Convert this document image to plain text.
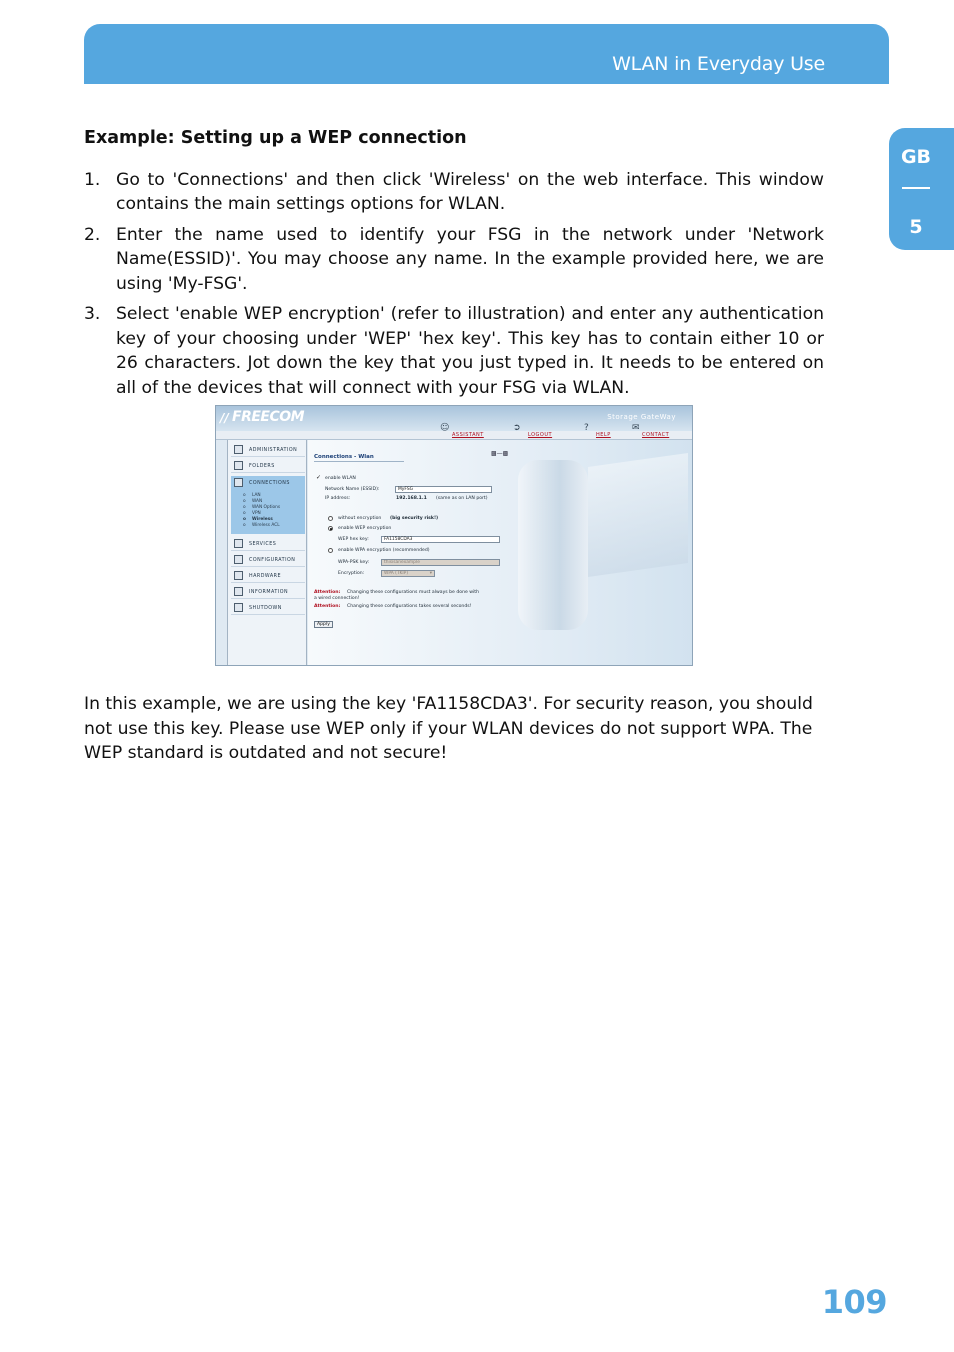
WLAN in Everyday Use
GB
5
Example: Setting up a WEP connection
1. Go to 'Connections' and then click 'Wireless' on the web interface. This window contains the main settings options for WLAN.
2. Enter the name used to identify your FSG in the network under 'Network Name(ESSID)'. You may choose any name. In the example provided here, we are using 'My-FSG'.
3. Select 'enable WEP encryption' (refer to illustration) and enter any authentication key of your choosing under 'WEP' 'hex key'. This key has to contain either 10 or 26 characters. Jot down the key that you just typed in. It needs to be entered on all of the devices that will connect with your FSG via WLAN.
// FREECOM	Storage GateWay
☺
ASSISTANT
➲
LOGOUT
?
HELP
✉
CONTACT
ADMINISTRATION
FOLDERS
CONNECTIONS
o LAN
o WAN
o WAN Options
o VPN
o Wireless
o Wireless ACL
SERVICES
CONFIGURATION
HARDWARE
INFORMATION
SHUTDOWN
▩—▩
Connections - Wlan
✓ enable WLAN
Network Name (ESSID):	MyFSG
IP address:	192.168.1.1 (same as on LAN port)
without encryption (big security risk!)
enable WEP encryption
WEP hex key:	FA1158CDA3
enable WPA encryption (recommended)
WPA-PSK key:	thisisanexample
Encryption:	WPA (TKIP)	▾
Attention: Changing these configurations must always be done with
a wired connection!
Attention: Changing these configurations takes several seconds!
Apply
In this example, we are using the key 'FA1158CDA3'. For security reason, you should not use this key. Please use WEP only if your WLAN devices do not support WPA. The WEP standard is outdated and not secure!
109
